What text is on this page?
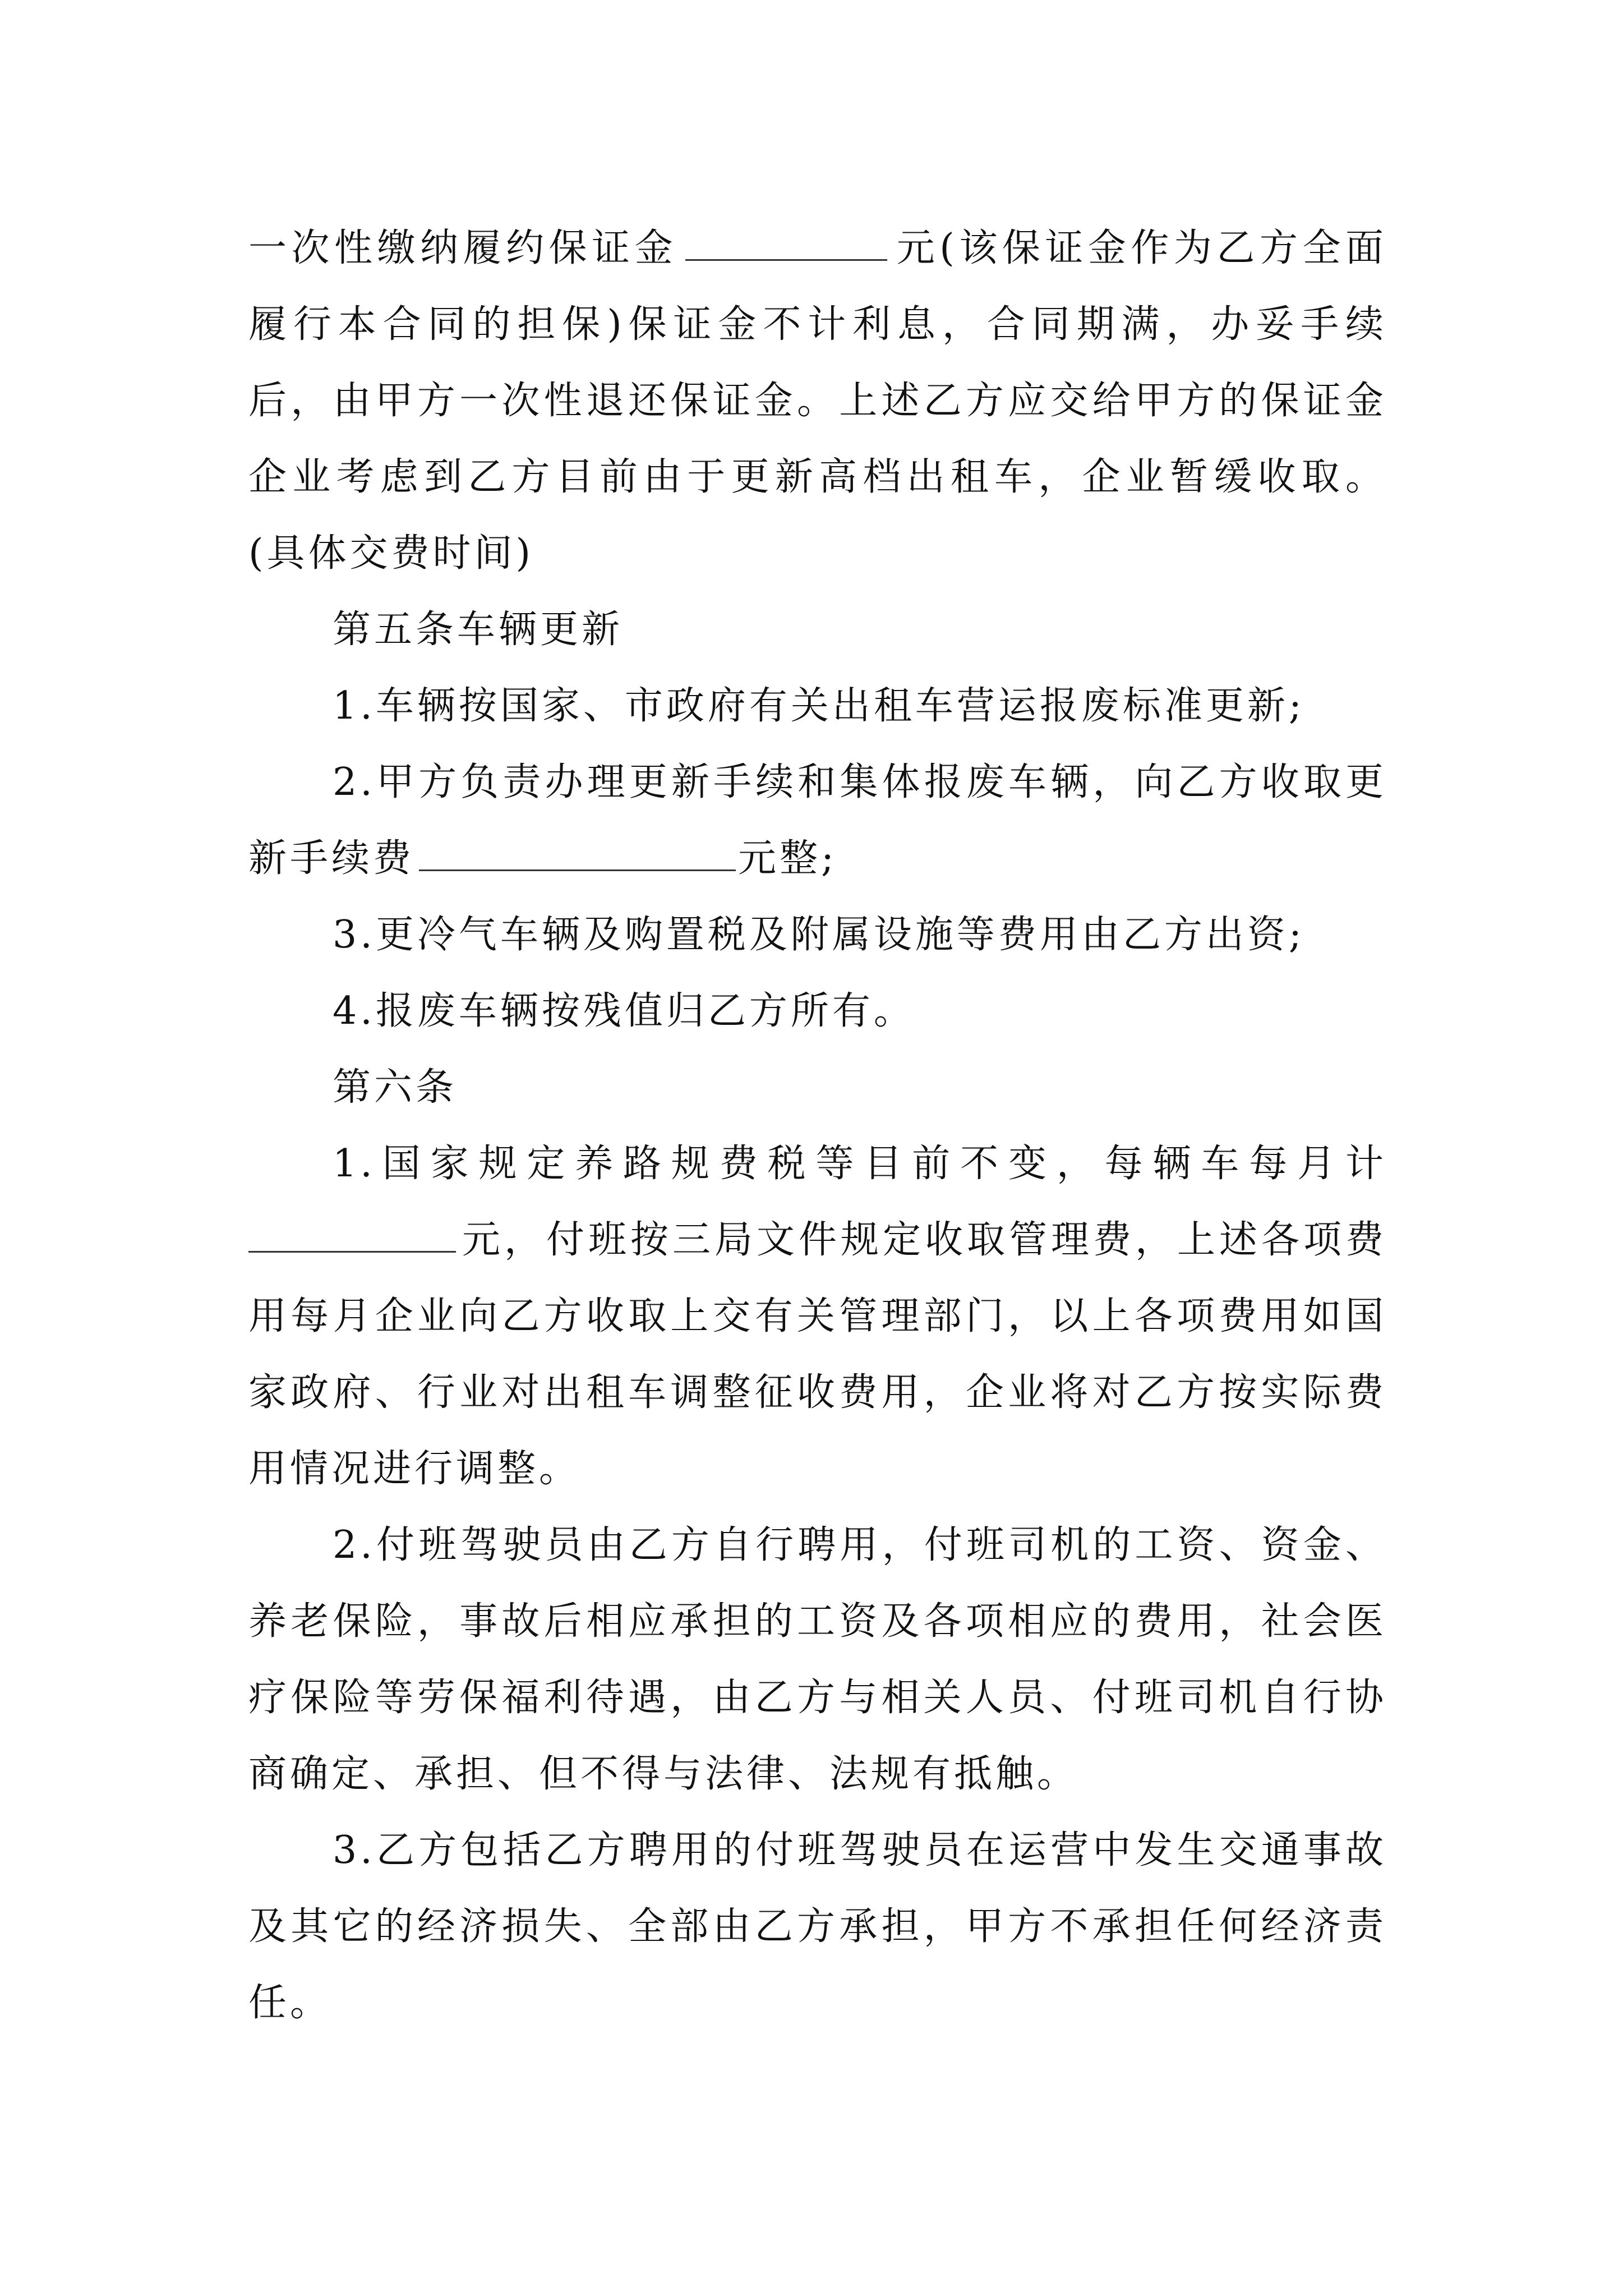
一次性缴纳履约保证金	元(该保证金作为乙方全面履行本合同的担保)保证金不计利息，合同期满，办妥手续后，由甲方一次性退还保证金。上述乙方应交给甲方的保证金企业考虑到乙方目前由于更新高档出租车，企业暂缓收取。(具体交费时间)

第五条车辆更新

1.车辆按国家、市政府有关出租车营运报废标准更新;

2.甲方负责办理更新手续和集体报废车辆，向乙方收取更新手续费	元整;

3.更冷气车辆及购置税及附属设施等费用由乙方出资;

4.报废车辆按残值归乙方所有。

第六条

1.国家规定养路规费税等目前不变，每辆车每月计元，付班按三局文件规定收取管理费，上述各项费用每月企业向乙方收取上交有关管理部门，以上各项费用如国家政府、行业对出租车调整征收费用，企业将对乙方按实际费用情况进行调整。

2.付班驾驶员由乙方自行聘用，付班司机的工资、资金、养老保险，事故后相应承担的工资及各项相应的费用，社会医疗保险等劳保福利待遇，由乙方与相关人员、付班司机自行协商确定、承担、但不得与法律、法规有抵触。

3.乙方包括乙方聘用的付班驾驶员在运营中发生交通事故及其它的经济损失、全部由乙方承担，甲方不承担任何经济责任。
